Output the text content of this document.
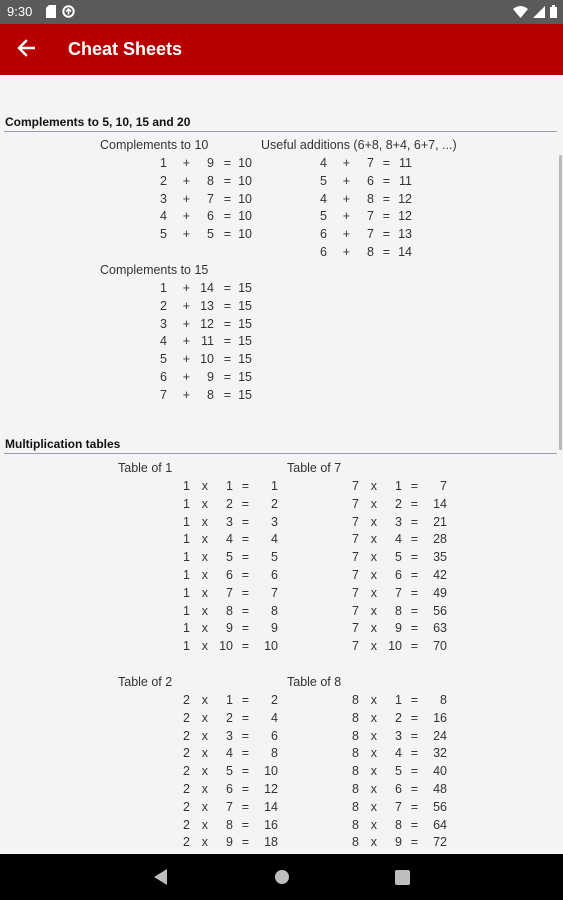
9:30
Cheat Sheets
Complements to 5, 10, 15 and 20
Complements to 10
1	+	9 = 10
2	+	8 = 10
3	+	7 = 10
4	+	6 = 10
5	+	5 = 10
Useful additions (6+8, 8+4, 6+7, ...)
4	+	7 = 11
5	+	6 = 11
4	+	8 = 12
5	+	7 = 12
6	+	7 = 13
6	+	8 = 14
Complements to 15
1	+ 14 = 15
2	+ 13 = 15
3	+ 12 = 15
4	+ 11 = 15
5	+ 10 = 15
6	+	9 = 15
7	+	8 = 15
Multiplication tables
Table of 1
1 x	1 =	1
1 x	2 =	2
1 x	3 =	3
1 x	4 =	4
1 x	5 =	5
1 x	6 =	6
1 x	7 =	7
1 x	8 =	8
1 x	9 =	9
1 x 10 =	10
Table of 7
7 x	1 =	7
7 x	2 =	14
7 x	3 =	21
7 x	4 =	28
7 x	5 =	35
7 x	6 =	42
7 x	7 =	49
7 x	8 =	56
7 x	9 =	63
7 x 10 =	70
Table of 2
2 x	1 =	2
2 x	2 =	4
2 x	3 =	6
2 x	4 =	8
2 x	5 =	10
2 x	6 =	12
2 x	7 =	14
2 x	8 =	16
2 x	9 =	18
Table of 8
8 x	1 =	8
8 x	2 =	16
8 x	3 =	24
8 x	4 =	32
8 x	5 =	40
8 x	6 =	48
8 x	7 =	56
8 x	8 =	64
8 x	9 =	72
